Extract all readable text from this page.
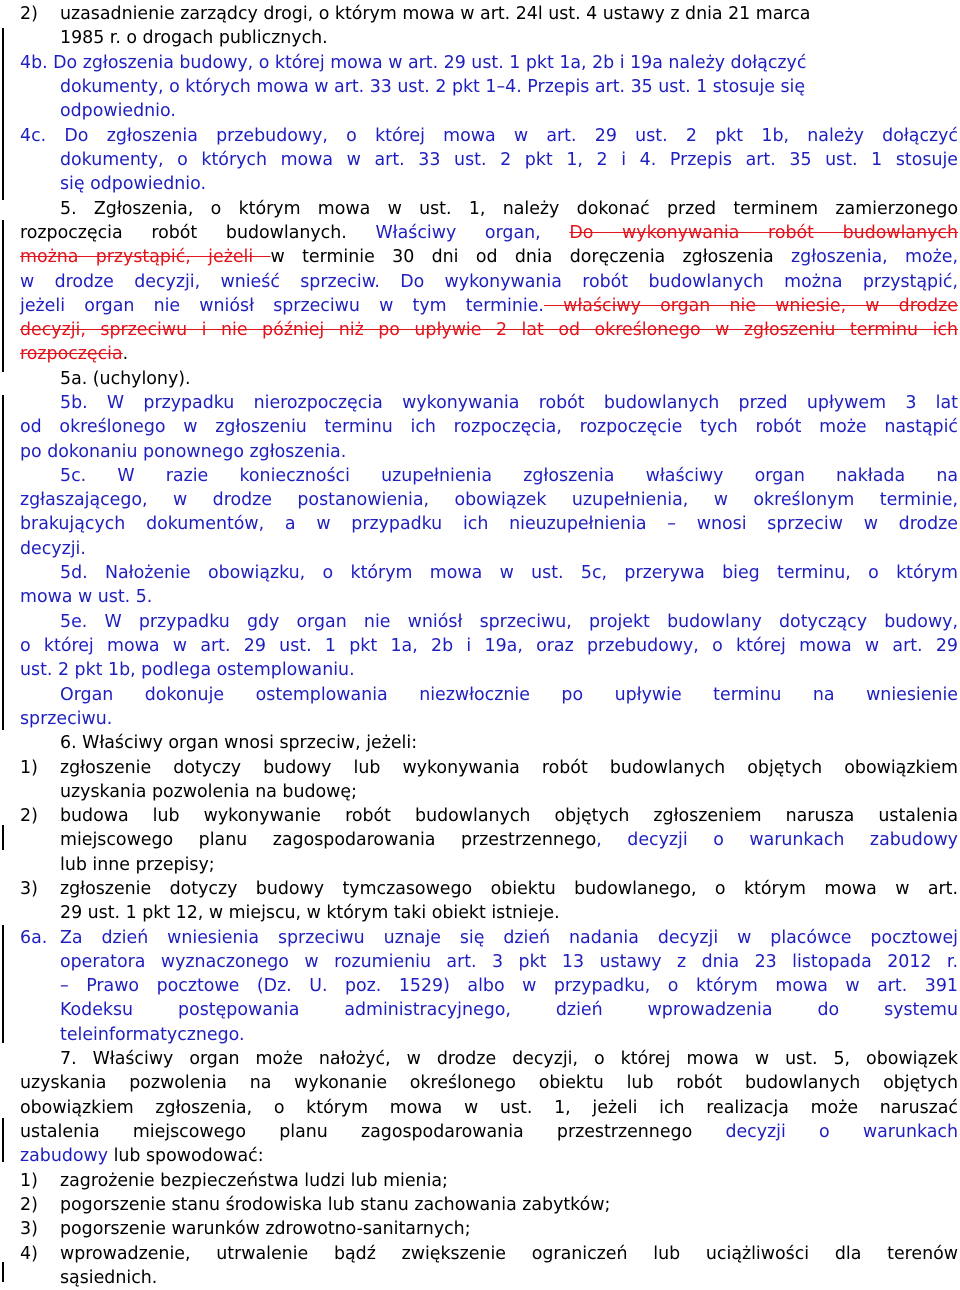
2) uzasadnienie zarządcy drogi, o którym mowa w art. 24l ust. 4 ustawy z dnia 21 marca
1985 r. o drogach publicznych.
4b. Do zgłoszenia budowy, o której mowa w art. 29 ust. 1 pkt 1a, 2b i 19a należy dołączyć
dokumenty, o których mowa w art. 33 ust. 2 pkt 1–4. Przepis art. 35 ust. 1 stosuje się
odpowiednio.
4c. Do zgłoszenia przebudowy, o której mowa w art. 29 ust. 2 pkt 1b, należy dołączyć
dokumenty, o których mowa w art. 33 ust. 2 pkt 1, 2 i 4. Przepis art. 35 ust. 1 stosuje
się odpowiednio.
5. Zgłoszenia, o którym mowa w ust. 1, należy dokonać przed terminem zamierzonego
rozpoczęcia robót budowlanych. Właściwy organ, Do wykonywania robót budowlanych
można przystąpić, jeżeli w terminie 30 dni od dnia doręczenia zgłoszenia zgłoszenia, może,
w drodze decyzji, wnieść sprzeciw. Do wykonywania robót budowlanych można przystąpić,
jeżeli organ nie wniósł sprzeciwu w tym terminie. właściwy organ nie wniesie, w drodze
decyzji, sprzeciwu i nie później niż po upływie 2 lat od określonego w zgłoszeniu terminu ich
rozpoczęcia.
5a. (uchylony).
5b. W przypadku nierozpoczęcia wykonywania robót budowlanych przed upływem 3 lat
od określonego w zgłoszeniu terminu ich rozpoczęcia, rozpoczęcie tych robót może nastąpić
po dokonaniu ponownego zgłoszenia.
5c. W razie konieczności uzupełnienia zgłoszenia właściwy organ nakłada na
zgłaszającego, w drodze postanowienia, obowiązek uzupełnienia, w określonym terminie,
brakujących dokumentów, a w przypadku ich nieuzupełnienia – wnosi sprzeciw w drodze
decyzji.
5d. Nałożenie obowiązku, o którym mowa w ust. 5c, przerywa bieg terminu, o którym
mowa w ust. 5.
5e. W przypadku gdy organ nie wniósł sprzeciwu, projekt budowlany dotyczący budowy,
o której mowa w art. 29 ust. 1 pkt 1a, 2b i 19a, oraz przebudowy, o której mowa w art. 29
ust. 2 pkt 1b, podlega ostemplowaniu.
Organ dokonuje ostemplowania niezwłocznie po upływie terminu na wniesienie
sprzeciwu.
6. Właściwy organ wnosi sprzeciw, jeżeli:
1) zgłoszenie dotyczy budowy lub wykonywania robót budowlanych objętych obowiązkiem
uzyskania pozwolenia na budowę;
2) budowa lub wykonywanie robót budowlanych objętych zgłoszeniem narusza ustalenia
miejscowego planu zagospodarowania przestrzennego, decyzji o warunkach zabudowy
lub inne przepisy;
3) zgłoszenie dotyczy budowy tymczasowego obiektu budowlanego, o którym mowa w art.
29 ust. 1 pkt 12, w miejscu, w którym taki obiekt istnieje.
6a. Za dzień wniesienia sprzeciwu uznaje się dzień nadania decyzji w placówce pocztowej
operatora wyznaczonego w rozumieniu art. 3 pkt 13 ustawy z dnia 23 listopada 2012 r.
– Prawo pocztowe (Dz. U. poz. 1529) albo w przypadku, o którym mowa w art. 391
Kodeksu postępowania administracyjnego, dzień wprowadzenia do systemu
teleinformatycznego.
7. Właściwy organ może nałożyć, w drodze decyzji, o której mowa w ust. 5, obowiązek
uzyskania pozwolenia na wykonanie określonego obiektu lub robót budowlanych objętych
obowiązkiem zgłoszenia, o którym mowa w ust. 1, jeżeli ich realizacja może naruszać
ustalenia miejscowego planu zagospodarowania przestrzennego decyzji o warunkach
zabudowy lub spowodować:
1) zagrożenie bezpieczeństwa ludzi lub mienia;
2) pogorszenie stanu środowiska lub stanu zachowania zabytków;
3) pogorszenie warunków zdrowotno-sanitarnych;
4) wprowadzenie, utrwalenie bądź zwiększenie ograniczeń lub uciążliwości dla terenów
sąsiednich.
